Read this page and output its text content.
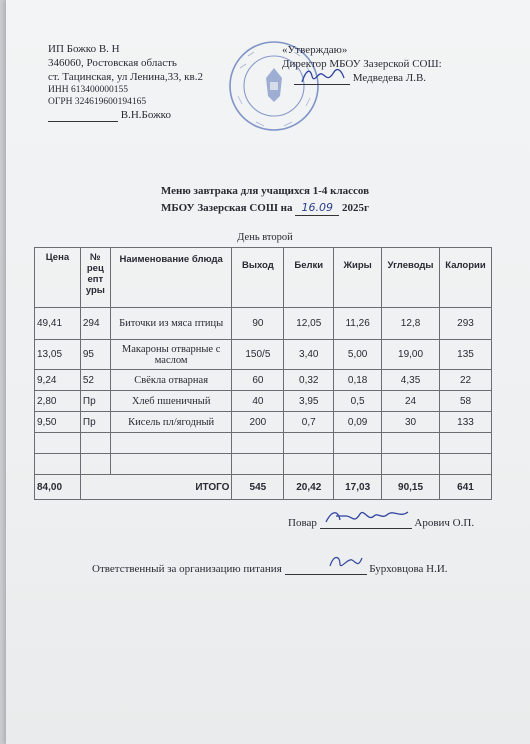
ИП Божко В. Н
346060, Ростовская область
ст. Тацинская, ул Ленина,33, кв.2
ИНН 613400000155
ОГРН 324619600194165
В.Н.Божко
«Утверждаю»
Директор МБОУ Зазерской СОШ:
Медведева Л.В.
Меню завтрака для учащихся 1-4 классов
МБОУ Зазерская СОШ на 16.09 2025г
День второй
Цена	№ рец епт уры	Наименование блюда	Выход	Белки	Жиры	Углеводы	Калории
49,41	294	Биточки из мяса птицы	90	12,05	11,26	12,8	293
13,05	95	Макароны отварные с маслом	150/5	3,40	5,00	19,00	135
9,24	52	Свёкла отварная	60	0,32	0,18	4,35	22
2,80	Пр	Хлеб пшеничный	40	3,95	0,5	24	58
9,50	Пр	Кисель пл/ягодный	200	0,7	0,09	30	133

84,00	ИТОГО		545	20,42	17,03	90,15	641
Повар	Арович О.П.
Ответственный за организацию питания	Бурховцова Н.И.
